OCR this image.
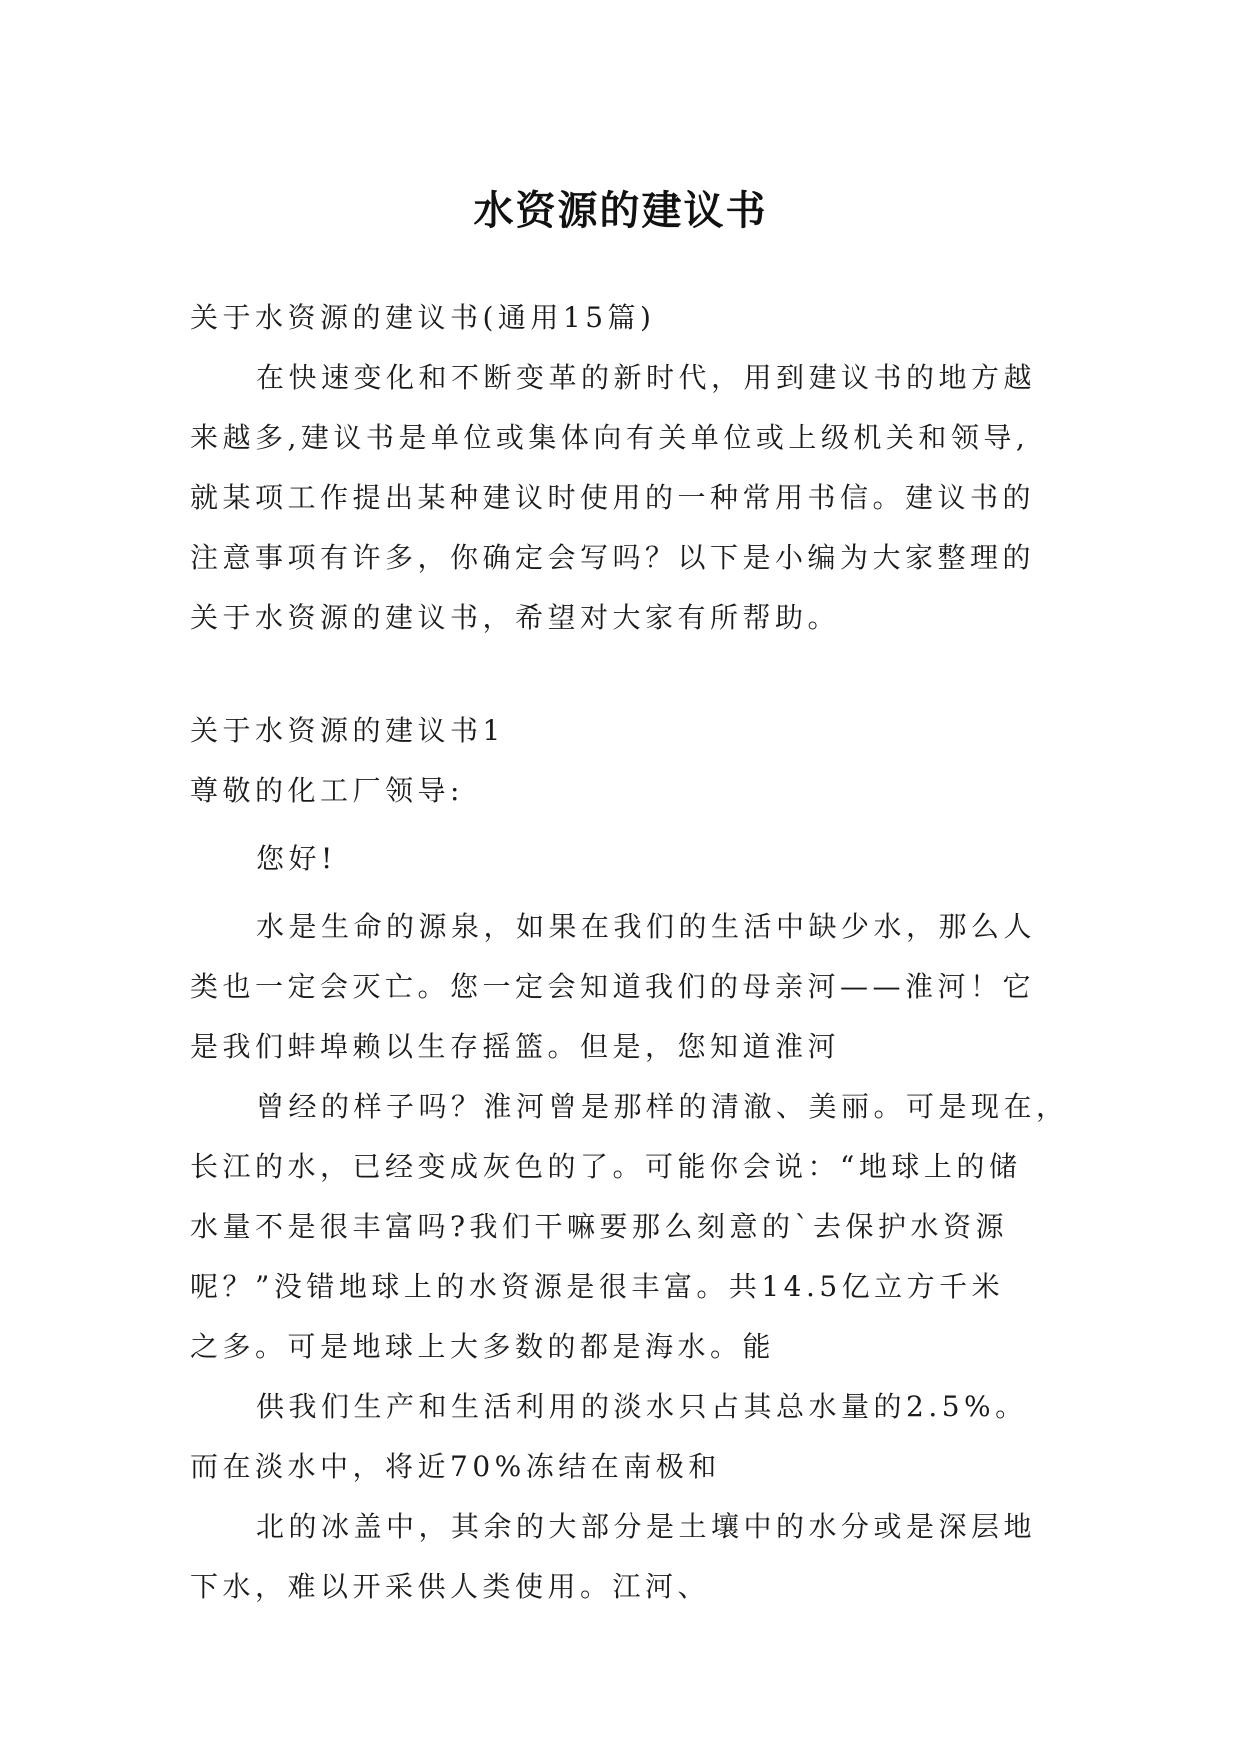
水资源的建议书
关于水资源的建议书(通用15篇)
在快速变化和不断变革的新时代，用到建议书的地方越
来越多,建议书是单位或集体向有关单位或上级机关和领导,
就某项工作提出某种建议时使用的一种常用书信。建议书的
注意事项有许多，你确定会写吗？以下是小编为大家整理的
关于水资源的建议书，希望对大家有所帮助。
关于水资源的建议书1
尊敬的化工厂领导:
您好!
水是生命的源泉，如果在我们的生活中缺少水，那么人
类也一定会灭亡。您一定会知道我们的母亲河——淮河！它
是我们蚌埠赖以生存摇篮。但是，您知道淮河
曾经的样子吗？淮河曾是那样的清澈、美丽。可是现在，
长江的水，已经变成灰色的了。可能你会说：“地球上的储
水量不是很丰富吗?我们干嘛要那么刻意的`去保护水资源
呢？”没错地球上的水资源是很丰富。共14.5亿立方千米
之多。可是地球上大多数的都是海水。能
供我们生产和生活利用的淡水只占其总水量的2.5%。
而在淡水中，将近70%冻结在南极和
北的冰盖中，其余的大部分是土壤中的水分或是深层地
下水，难以开采供人类使用。江河、
